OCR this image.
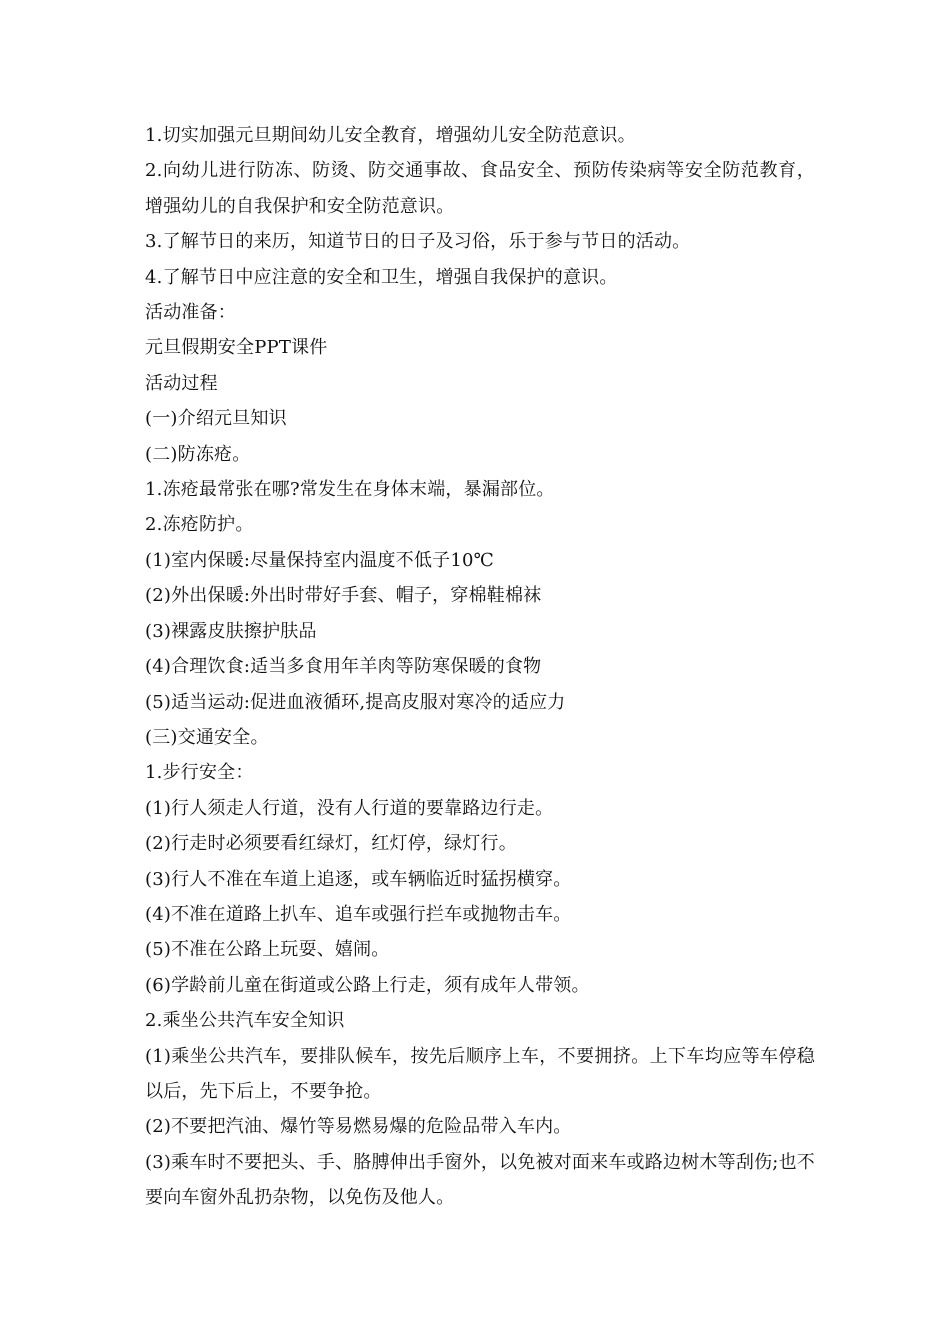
1.切实加强元旦期间幼儿安全教育，增强幼儿安全防范意识。

2.向幼儿进行防冻、防烫、防交通事故、食品安全、预防传染病等安全防范教育，增强幼儿的自我保护和安全防范意识。

3.了解节日的来历，知道节日的日子及习俗，乐于参与节日的活动。

4.了解节日中应注意的安全和卫生，增强自我保护的意识。

活动准备：

元旦假期安全PPT课件

活动过程

(一)介绍元旦知识

(二)防冻疮。

1.冻疮最常张在哪?常发生在身体末端，暴漏部位。

2.冻疮防护。

(1)室内保暖:尽量保持室内温度不低子10℃

(2)外出保暖:外出时带好手套、帽子，穿棉鞋棉袜

(3)裸露皮肤擦护肤品

(4)合理饮食:适当多食用年羊肉等防寒保暖的食物

(5)适当运动:促进血液循环,提高皮服对寒冷的适应力

(三)交通安全。

1.步行安全：

(1)行人须走人行道，没有人行道的要靠路边行走。

(2)行走时必须要看红绿灯，红灯停，绿灯行。

(3)行人不准在车道上追逐，或车辆临近时猛拐横穿。

(4)不准在道路上扒车、追车或强行拦车或抛物击车。

(5)不准在公路上玩耍、嬉闹。

(6)学龄前儿童在街道或公路上行走，须有成年人带领。

2.乘坐公共汽车安全知识

(1)乘坐公共汽车，要排队候车，按先后顺序上车，不要拥挤。上下车均应等车停稳以后，先下后上，不要争抢。

(2)不要把汽油、爆竹等易燃易爆的危险品带入车内。

(3)乘车时不要把头、手、胳膊伸出手窗外，以免被对面来车或路边树木等刮伤;也不要向车窗外乱扔杂物，以免伤及他人。
